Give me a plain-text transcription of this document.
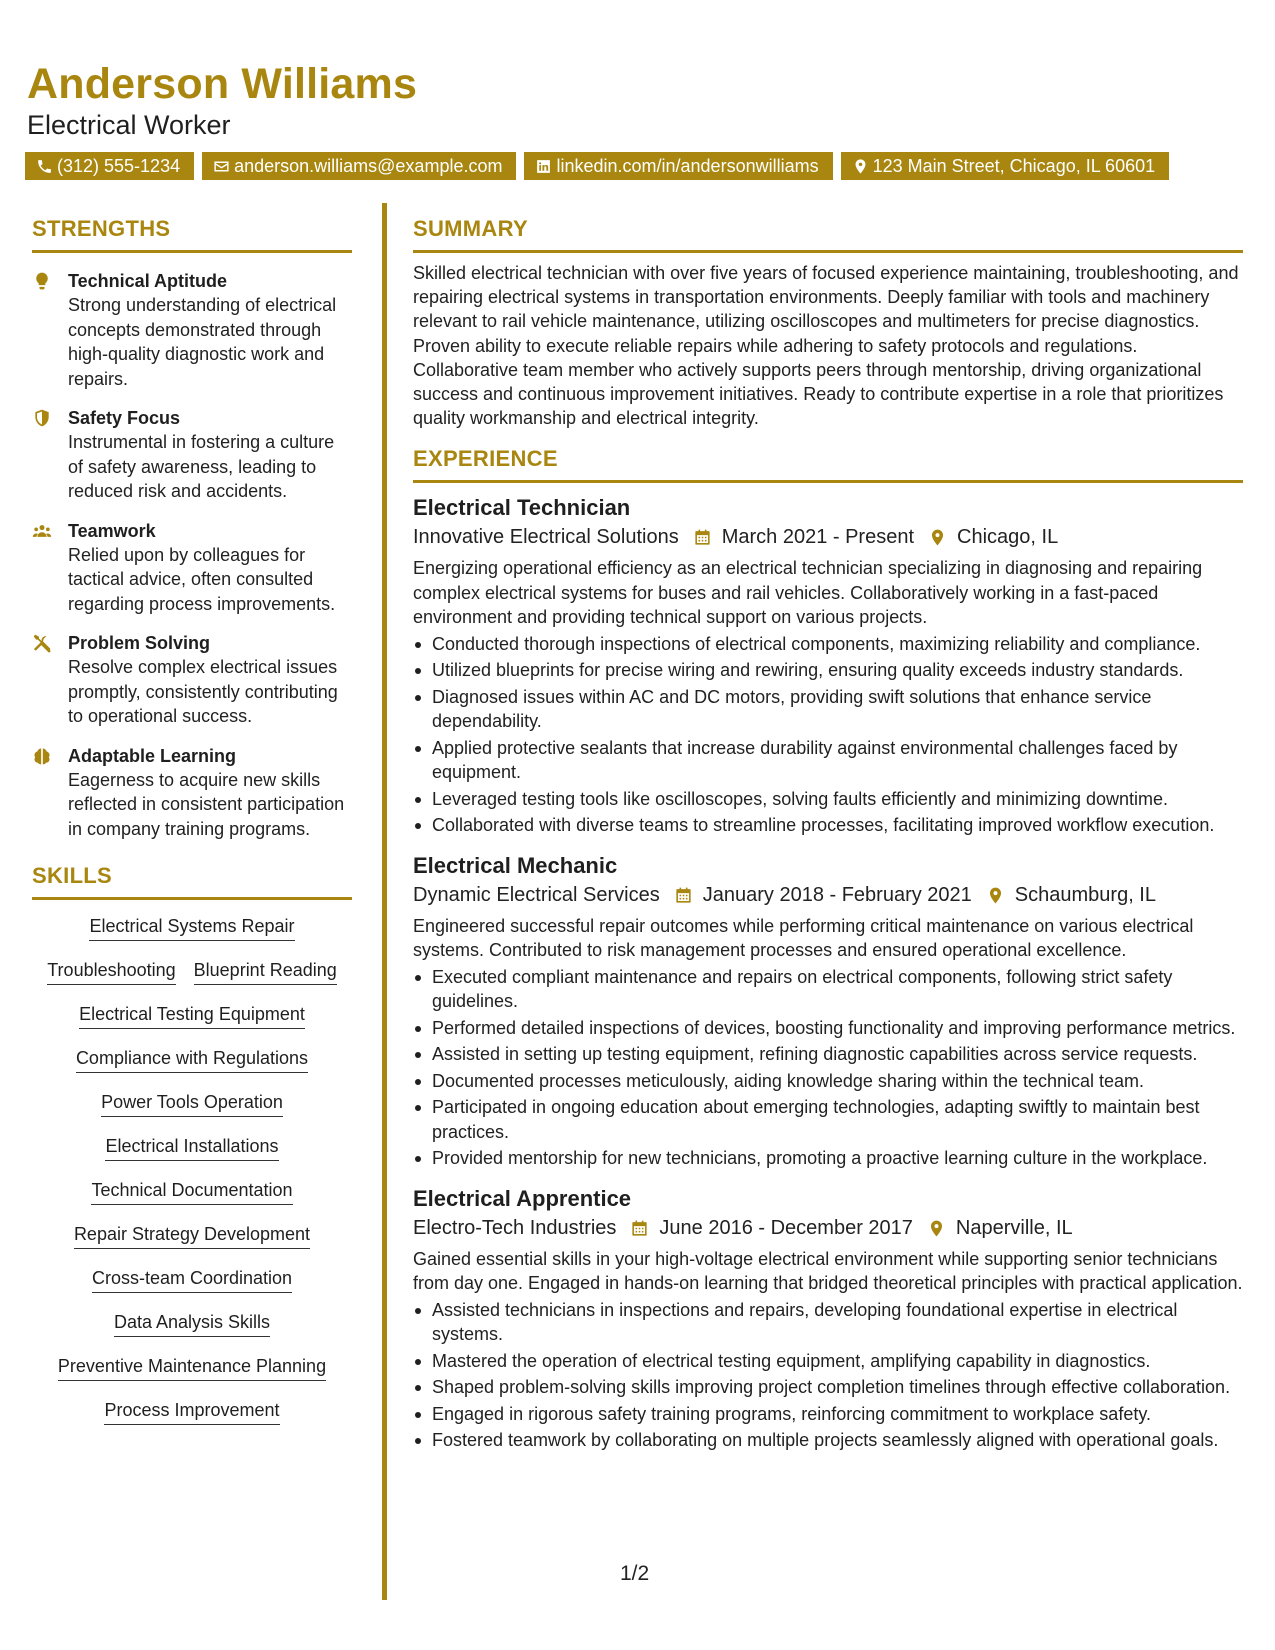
Anderson Williams
Electrical Worker
(312) 555-1234	anderson.williams@example.com	linkedin.com/in/andersonwilliams	123 Main Street, Chicago, IL 60601
STRENGTHS
Technical Aptitude
Strong understanding of electrical concepts demonstrated through high-quality diagnostic work and repairs.
Safety Focus
Instrumental in fostering a culture of safety awareness, leading to reduced risk and accidents.
Teamwork
Relied upon by colleagues for tactical advice, often consulted regarding process improvements.
Problem Solving
Resolve complex electrical issues promptly, consistently contributing to operational success.
Adaptable Learning
Eagerness to acquire new skills reflected in consistent participation in company training programs.
SKILLS
Electrical Systems Repair
Troubleshooting Blueprint Reading
Electrical Testing Equipment
Compliance with Regulations
Power Tools Operation
Electrical Installations
Technical Documentation
Repair Strategy Development
Cross-team Coordination
Data Analysis Skills
Preventive Maintenance Planning
Process Improvement
SUMMARY
Skilled electrical technician with over five years of focused experience maintaining, troubleshooting, and repairing electrical systems in transportation environments. Deeply familiar with tools and machinery relevant to rail vehicle maintenance, utilizing oscilloscopes and multimeters for precise diagnostics. Proven ability to execute reliable repairs while adhering to safety protocols and regulations. Collaborative team member who actively supports peers through mentorship, driving organizational success and continuous improvement initiatives. Ready to contribute expertise in a role that prioritizes quality workmanship and electrical integrity.
EXPERIENCE
Electrical Technician
Innovative Electrical Solutions March 2021 - Present Chicago, IL
Energizing operational efficiency as an electrical technician specializing in diagnosing and repairing complex electrical systems for buses and rail vehicles. Collaboratively working in a fast-paced environment and providing technical support on various projects.
Conducted thorough inspections of electrical components, maximizing reliability and compliance.
Utilized blueprints for precise wiring and rewiring, ensuring quality exceeds industry standards.
Diagnosed issues within AC and DC motors, providing swift solutions that enhance service dependability.
Applied protective sealants that increase durability against environmental challenges faced by equipment.
Leveraged testing tools like oscilloscopes, solving faults efficiently and minimizing downtime.
Collaborated with diverse teams to streamline processes, facilitating improved workflow execution.
Electrical Mechanic
Dynamic Electrical Services January 2018 - February 2021 Schaumburg, IL
Engineered successful repair outcomes while performing critical maintenance on various electrical systems. Contributed to risk management processes and ensured operational excellence.
Executed compliant maintenance and repairs on electrical components, following strict safety guidelines.
Performed detailed inspections of devices, boosting functionality and improving performance metrics.
Assisted in setting up testing equipment, refining diagnostic capabilities across service requests.
Documented processes meticulously, aiding knowledge sharing within the technical team.
Participated in ongoing education about emerging technologies, adapting swiftly to maintain best practices.
Provided mentorship for new technicians, promoting a proactive learning culture in the workplace.
Electrical Apprentice
Electro-Tech Industries June 2016 - December 2017 Naperville, IL
Gained essential skills in your high-voltage electrical environment while supporting senior technicians from day one. Engaged in hands-on learning that bridged theoretical principles with practical application.
Assisted technicians in inspections and repairs, developing foundational expertise in electrical systems.
Mastered the operation of electrical testing equipment, amplifying capability in diagnostics.
Shaped problem-solving skills improving project completion timelines through effective collaboration.
Engaged in rigorous safety training programs, reinforcing commitment to workplace safety.
Fostered teamwork by collaborating on multiple projects seamlessly aligned with operational goals.
1/2
